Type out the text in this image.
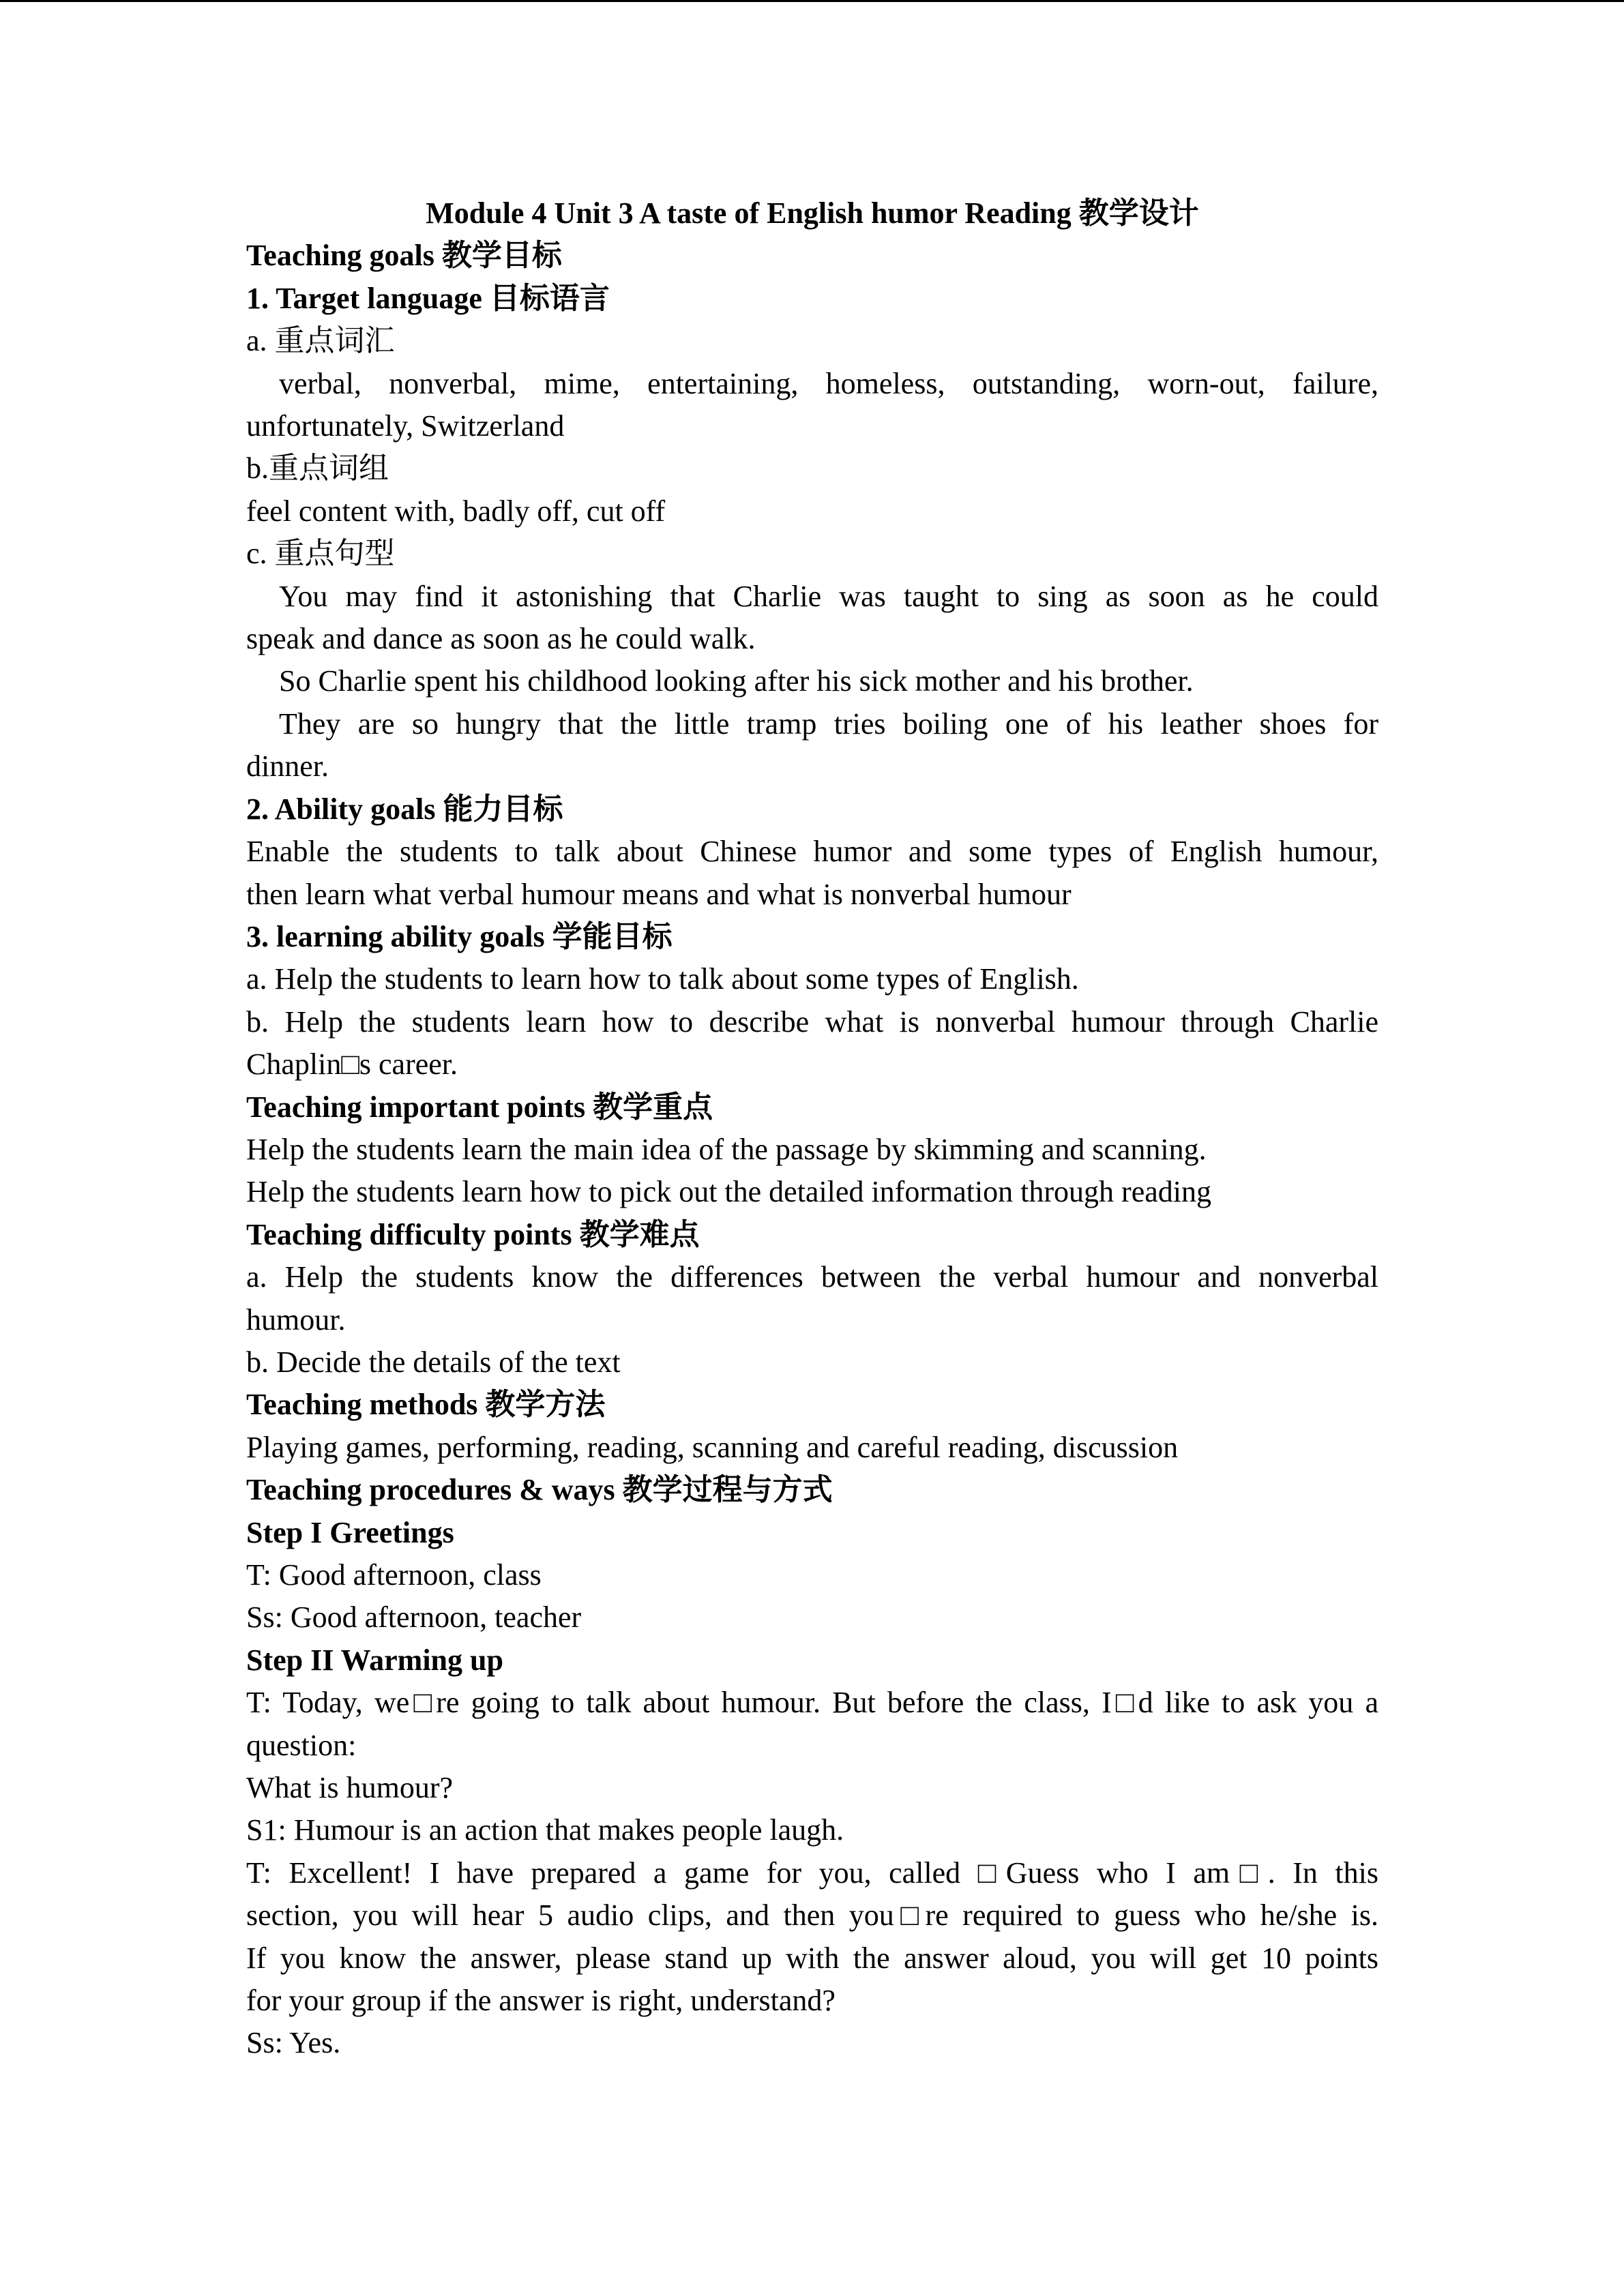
Module 4 Unit 3 A taste of English humor Reading 教学设计

Teaching goals 教学目标

1. Target language 目标语言

a. 重点词汇

verbal, nonverbal, mime, entertaining, homeless, outstanding, worn-out, failure,

unfortunately, Switzerland

b.重点词组

feel content with, badly off, cut off

c. 重点句型

You may find it astonishing that Charlie was taught to sing as soon as he could

speak and dance as soon as he could walk.

So Charlie spent his childhood looking after his sick mother and his brother.

They are so hungry that the little tramp tries boiling one of his leather shoes for

dinner.

2. Ability goals 能力目标

Enable the students to talk about Chinese humor and some types of English humour,

then learn what verbal humour means and what is nonverbal humour

3. learning ability goals 学能目标

a. Help the students to learn how to talk about some types of English.

b. Help the students learn how to describe what is nonverbal humour through Charlie

Chaplin□s career.

Teaching important points 教学重点

Help the students learn the main idea of the passage by skimming and scanning.

Help the students learn how to pick out the detailed information through reading

Teaching difficulty points 教学难点

a. Help the students know the differences between the verbal humour and nonverbal

humour.

b. Decide the details of the text

Teaching methods 教学方法

Playing games, performing, reading, scanning and careful reading, discussion

Teaching procedures & ways 教学过程与方式

Step I Greetings

T: Good afternoon, class

Ss: Good afternoon, teacher

Step II Warming up

T: Today, we□re going to talk about humour. But before the class, I□d like to ask you a

question:

What is humour?

S1: Humour is an action that makes people laugh.

T: Excellent! I have prepared a game for you, called □Guess who I am□. In this

section, you will hear 5 audio clips, and then you□re required to guess who he/she is.

If you know the answer, please stand up with the answer aloud, you will get 10 points

for your group if the answer is right, understand?

Ss: Yes.
